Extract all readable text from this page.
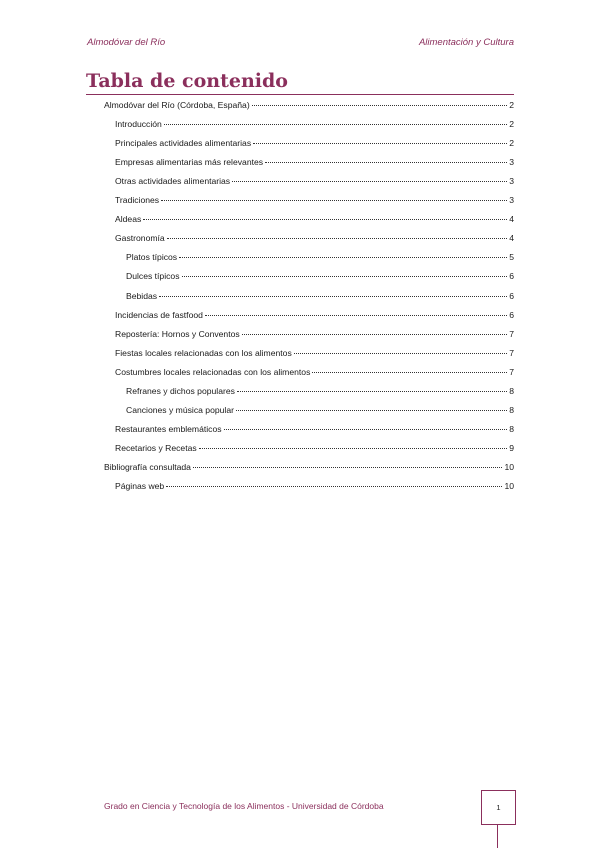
Almodóvar del Río	Alimentación y Cultura
Tabla de contenido
Almodóvar del Río (Córdoba, España)	2
Introducción	2
Principales actividades alimentarias	2
Empresas alimentarias más relevantes	3
Otras actividades alimentarias	3
Tradiciones	3
Aldeas	4
Gastronomía	4
Platos típicos	5
Dulces típicos	6
Bebidas	6
Incidencias de fastfood	6
Repostería: Hornos y Conventos	7
Fiestas locales relacionadas con los alimentos	7
Costumbres locales relacionadas con los alimentos	7
Refranes y dichos populares	8
Canciones y música popular	8
Restaurantes emblemáticos	8
Recetarios y Recetas	9
Bibliografía consultada	10
Páginas web	10
Grado en Ciencia y Tecnología de los Alimentos - Universidad de Córdoba	1
